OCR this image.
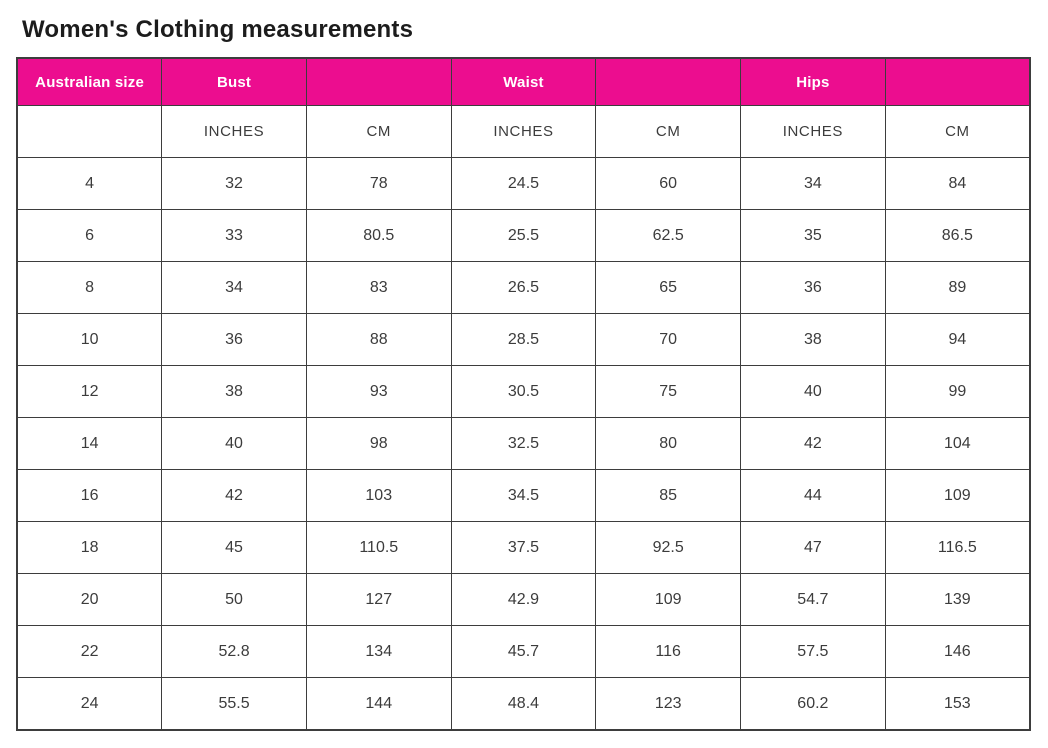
Women's Clothing measurements
Australian size	Bust		Waist		Hips	
	INCHES	CM	INCHES	CM	INCHES	CM
4	32	78	24.5	60	34	84
6	33	80.5	25.5	62.5	35	86.5
8	34	83	26.5	65	36	89
10	36	88	28.5	70	38	94
12	38	93	30.5	75	40	99
14	40	98	32.5	80	42	104
16	42	103	34.5	85	44	109
18	45	110.5	37.5	92.5	47	116.5
20	50	127	42.9	109	54.7	139
22	52.8	134	45.7	116	57.5	146
24	55.5	144	48.4	123	60.2	153
